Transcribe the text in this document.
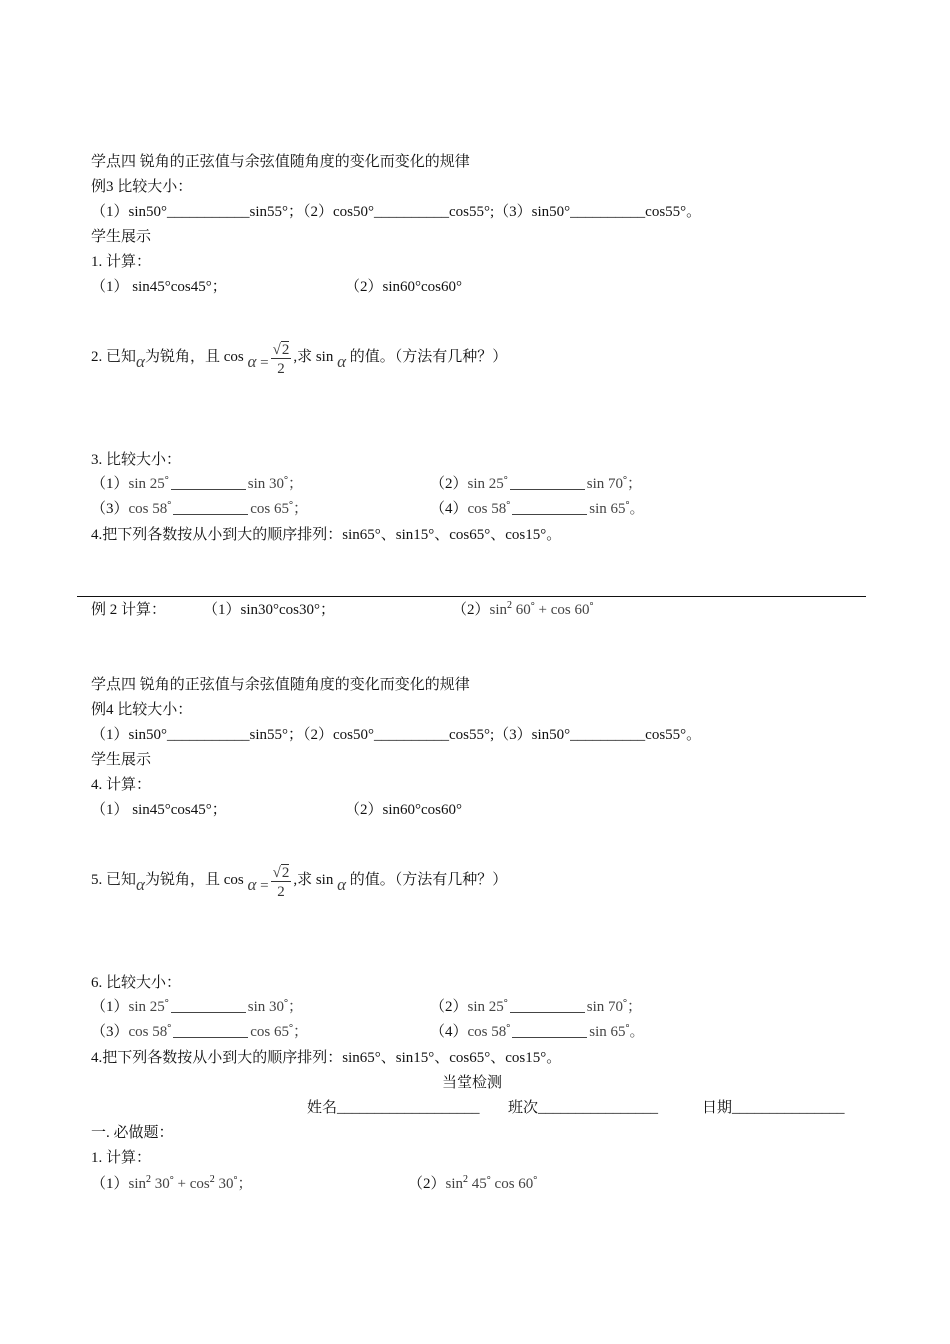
学点四 锐角的正弦值与余弦值随角度的变化而变化的规律
例3 比较大小：
（1）sin50°___________sin55°；（2）cos50°__________cos55°;（3）sin50°__________cos55°。
学生展示
1. 计算：
（1） sin45°cos45°；	（2）sin60°cos60°
2. 已知α为锐角，且 $\cos \alpha = \frac{√2}{2}$ ,求 sin α 的值。（方法有几种？）
3. 比较大小：
（1）sin 25°	sin 30°；	（2）sin 25°	sin 70°；
（3）cos 58°	cos 65°；	（4）cos 58°	sin 65°。
4.把下列各数按从小到大的顺序排列：sin65°、sin15°、cos65°、cos15°。
例 2 计算： （1）sin30°cos30°；	$(2)\sin^2$ 60° + cos 60°
学点四 锐角的正弦值与余弦值随角度的变化而变化的规律
例4 比较大小：
（1）sin50°___________sin55°；（2）cos50°__________cos55°;（3）sin50°__________cos55°。
学生展示
4. 计算：
（1） sin45°cos45°；	（2）sin60°cos60°
5. 已知α为锐角，且 $\cos \alpha = \frac{√2}{2}$ ,求 sin α 的值。（方法有几种？）
6. 比较大小：
（1）sin 25°	sin 30°；	（2）sin 25°	sin 70°；
（3）cos 58°	cos 65°；	（4）cos 58°	sin 65°。
4.把下列各数按从小到大的顺序排列：sin65°、sin15°、cos65°、cos15°。
当堂检测
姓名___________________ 班次________________	日期_______________
一. 必做题：
1. 计算：
$(1)\sin^2$ $30^\circ + \cos^2 30^\circ$；	$(2)\sin^2$ 45° cos 60°
